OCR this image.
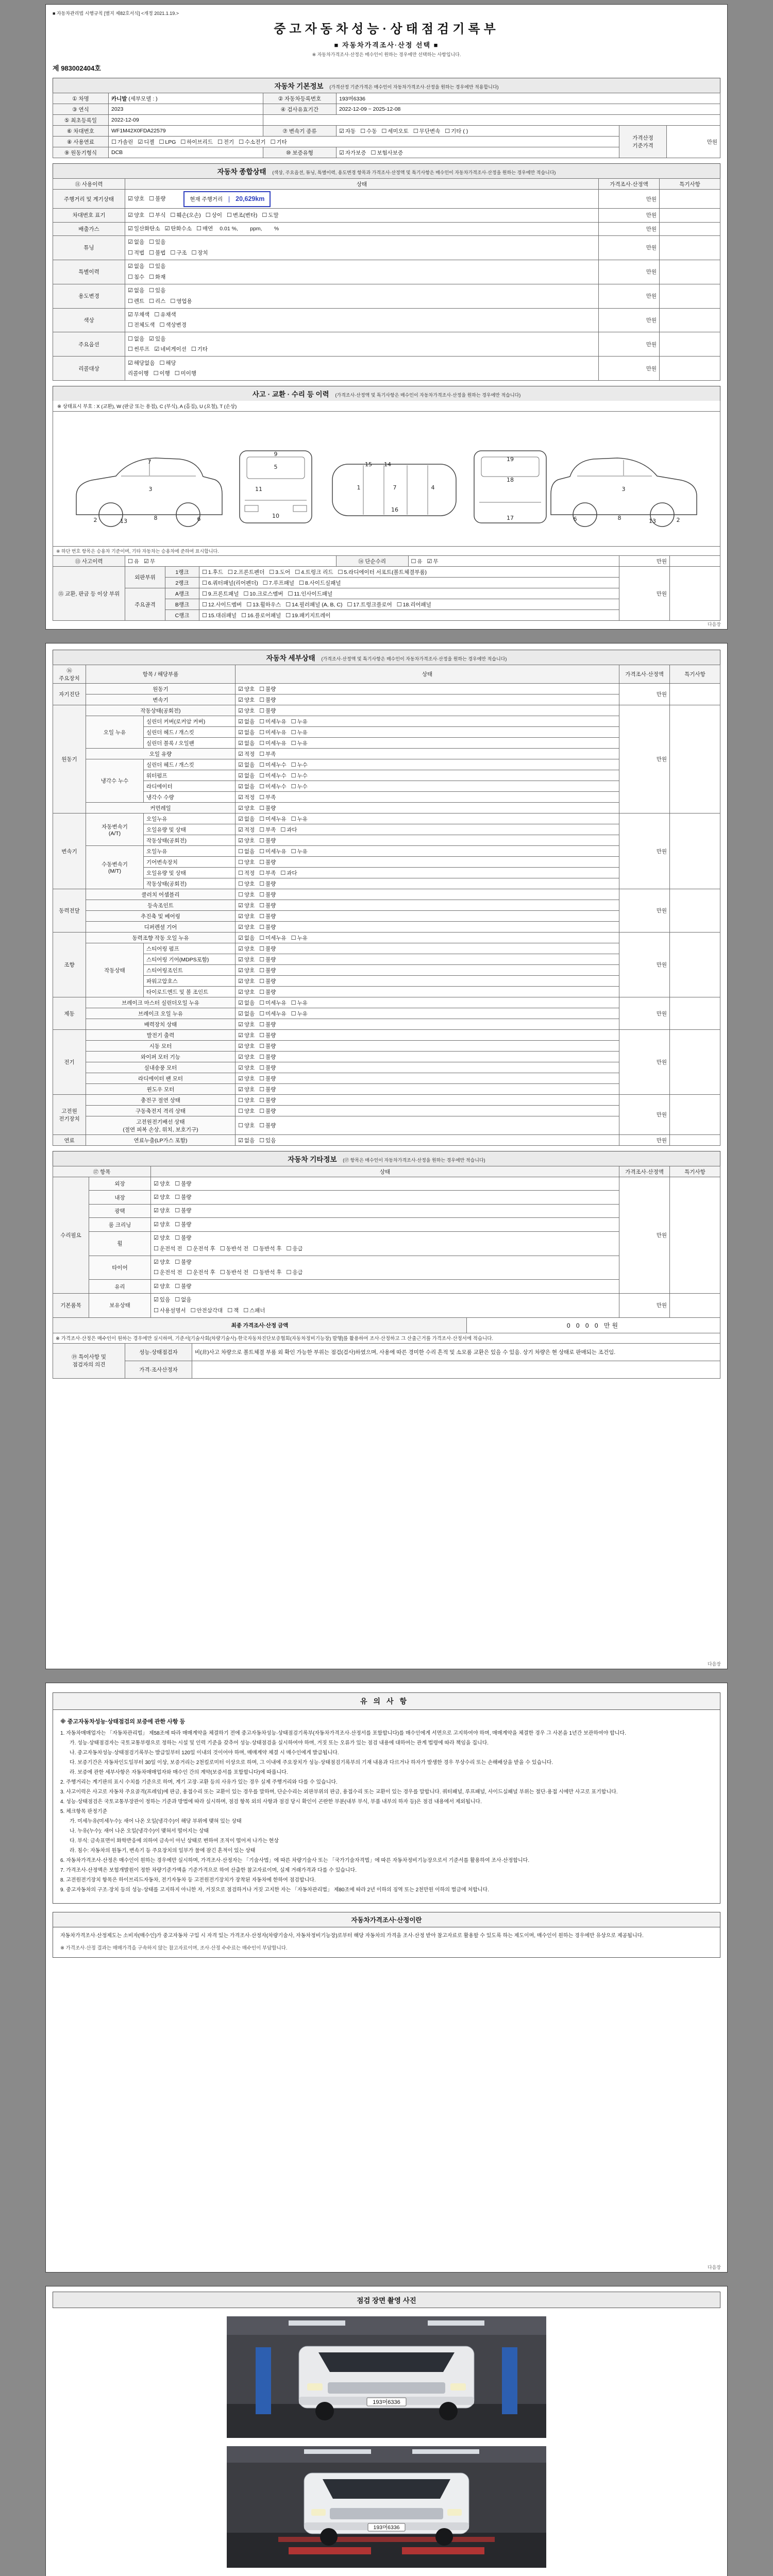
■ 자동차관리법 시행규칙 [별지 제82호서식] <개정 2021.1.19.>
중고자동차성능·상태점검기록부
■ 자동차가격조사·산정 선택 ■
※ 자동차가격조사·산정은 매수인이 원하는 경우에만 선택하는 사항입니다.
제 983002404호
자동차 기본정보 (가격산정 기준가격은 매수인이 자동차가격조사·산정을 원하는 경우에만 적용합니다)
① 차명	카니발 (세부모델 : )	② 자동차등록번호	193머6336		
③ 연식	2023	④ 검사유효기간	2022-12-09 ~ 2025-12-08		
⑤ 최초등록일	2022-12-09				
⑥ 차대번호	WF1M42X0FDA22579	⑦ 변속기 종류	☑ 자동 ☐ 수동 ☐ 세미오토 ☐ 무단변속 ☐ 기타 ( )	가격산정 기준가격	만원
⑧ 사용연료	☐ 가솔린 ☑ 디젤 ☐ LPG ☐ 하이브리드 ☐ 전기 ☐ 수소전기 ☐ 기타				
⑨ 원동기형식	DCB	⑩ 보증유형	☑ 자가보증 ☐ 보험사보증		
자동차 종합상태 (색상, 주요옵션, 튜닝, 특별이력, 용도변경 항목과 가격조사·산정액 및 특기사항은 매수인이 자동차가격조사·산정을 원하는 경우에만 적습니다)
⑪ 사용이력	상태	가격조사·산정액	특기사항
주행거리 및 계기상태	☑ 양호 ☐ 불량 현재 주행거리 20,629km	만원	
차대번호 표기	☑ 양호 ☐ 부식 ☐ 훼손(오손) ☐ 상이 ☐ 변조(변타) ☐ 도말	만원	
배출가스	☑ 일산화탄소 ☑ 탄화수소 ☐ 매연 0.01 %,        ppm,        %	만원	
튜닝	☑ 없음 ☐ 있음
☐ 적법 ☐ 불법 ☐ 구조 ☐ 장치	만원	
특별이력	☑ 없음 ☐ 있음
☐ 침수 ☐ 화재	만원	
용도변경	☑ 없음 ☐ 있음
☐ 렌트 ☐ 리스 ☐ 영업용	만원	
색상	☑ 무채색 ☐ 유채색
☐ 전체도색 ☐ 색상변경	만원	
주요옵션	☐ 없음 ☑ 있음
☐ 썬루프 ☑ 네비게이션 ☐ 기타	만원	
리콜대상	☑ 해당없음 ☐ 해당
리콜이행 ☐ 이행 ☐ 미이행	만원	
사고 · 교환 · 수리 등 이력 (가격조사·산정액 및 특기사항은 매수인이 자동차가격조사·산정을 원하는 경우에만 적습니다)
※ 상태표시 부호 : X (교환), W (판금 또는 용접), C (부식), A (흠집), U (요철), T (손상)
2	13
3
8	6
7
9
5
11
10
15 14
1	7	4
16
19
18
17	6	8
3
13	2
※ 하단 번호 항목은 승용차 기준이며, 기타 자동차는 승용차에 준하여 표시합니다.
⑬ 사고이력	☐ 유 ☑ 무	⑭ 단순수리	☐ 유 ☑ 무	만원	
⑮ 교환, 판금 등 이상 부위	외판부위	1랭크	☐ 1.후드 ☐ 2.프론트펜더 ☐ 3.도어 ☐ 4.트렁크 리드 ☐ 5.라디에이터 서포트(볼트체결부품)	만원	
		2랭크	☐ 6.쿼터패널(리어펜더) ☐ 7.루프패널 ☐ 8.사이드실패널		
	주요골격	A랭크	☐ 9.프론트패널 ☐ 10.크로스멤버 ☐ 11.인사이드패널		
		B랭크	☐ 12.사이드멤버 ☐ 13.휠하우스 ☐ 14.필러패널 (A, B, C) ☐ 17.트렁크플로어 ☐ 18.리어패널		
		C랭크	☐ 15.대쉬패널 ☐ 16.플로어패널 ☐ 19.패키지트레이		
다음장
자동차 세부상태 (가격조사·산정액 및 특기사항은 매수인이 자동차가격조사·산정을 원하는 경우에만 적습니다)
⑯ 주요장치	항목 / 해당부품		상태	가격조사·산정액	특기사항
자기진단	원동기		☑ 양호 ☐ 불량	만원	
	변속기		☑ 양호 ☐ 불량		
원동기	작동상태(공회전)		☑ 양호 ☐ 불량	만원	
	오일 누유	실린더 커버(로커암 커버)	☑ 없음 ☐ 미세누유 ☐ 누유		
		실린더 헤드 / 개스킷	☑ 없음 ☐ 미세누유 ☐ 누유		
		실린더 블록 / 오일팬	☑ 없음 ☐ 미세누유 ☐ 누유		
	오일 유량		☑ 적정 ☐ 부족		
	냉각수 누수	실린더 헤드 / 개스킷	☑ 없음 ☐ 미세누수 ☐ 누수		
		워터펌프	☑ 없음 ☐ 미세누수 ☐ 누수		
		라디에이터	☑ 없음 ☐ 미세누수 ☐ 누수		
		냉각수 수량	☑ 적정 ☐ 부족		
	커먼레일		☑ 양호 ☐ 불량		
변속기	자동변속기
(A/T)	오일누유	☑ 없음 ☐ 미세누유 ☐ 누유	만원	
		오일유량 및 상태	☑ 적정 ☐ 부족 ☐ 과다		
		작동상태(공회전)	☑ 양호 ☐ 불량		
	수동변속기
(M/T)	오일누유	☐ 없음 ☐ 미세누유 ☐ 누유		
		기어변속장치	☐ 양호 ☐ 불량		
		오일유량 및 상태	☐ 적정 ☐ 부족 ☐ 과다		
		작동상태(공회전)	☐ 양호 ☐ 불량		
동력전달	클러치 어셈블리		☐ 양호 ☐ 불량	만원	
	등속조인트		☑ 양호 ☐ 불량		
	추진축 및 베어링		☑ 양호 ☐ 불량		
	디퍼렌셜 기어		☑ 양호 ☐ 불량		
조향	동력조향 작동 오일 누유		☑ 없음 ☐ 미세누유 ☐ 누유	만원	
	작동상태	스티어링 펌프	☑ 양호 ☐ 불량		
		스티어링 기어(MDPS포함)	☑ 양호 ☐ 불량		
		스티어링조인트	☑ 양호 ☐ 불량		
		파워고압호스	☑ 양호 ☐ 불량		
		타이로드엔드 및 볼 조인트	☑ 양호 ☐ 불량		
제동	브레이크 마스터 실린더오일 누유		☑ 없음 ☐ 미세누유 ☐ 누유	만원	
	브레이크 오일 누유		☑ 없음 ☐ 미세누유 ☐ 누유		
	배력장치 상태		☑ 양호 ☐ 불량		
전기	발전기 출력		☑ 양호 ☐ 불량	만원	
	시동 모터		☑ 양호 ☐ 불량		
	와이퍼 모터 기능		☑ 양호 ☐ 불량		
	실내송풍 모터		☑ 양호 ☐ 불량		
	라디에이터 팬 모터		☑ 양호 ☐ 불량		
	윈도우 모터		☑ 양호 ☐ 불량		
고전원
전기장치	충전구 절연 상태		☐ 양호 ☐ 불량	만원	
	구동축전지 격리 상태		☐ 양호 ☐ 불량		
	고전원전기배선 상태
(절연 피복 손상, 위치, 보호기구)		☐ 양호 ☐ 불량		
연료	연료누출(LP가스 포함)		☑ 없음 ☐ 있음	만원	
자동차 기타정보 (⑰ 항목은 매수인이 자동차가격조사·산정을 원하는 경우에만 적습니다)
⑰ 항목		상태	가격조사·산정액	특기사항
수리필요	외장	☑ 양호 ☐ 불량	만원	
	내장	☑ 양호 ☐ 불량		

	광택	☑ 양호 ☐ 불량		

	룸 크리닝	☑ 양호 ☐ 불량		

	휠	☑ 양호 ☐ 불량
☐ 운전석 전 ☐ 운전석 후 ☐ 동반석 전 ☐ 동반석 후 ☐ 응급		

	타이어	☑ 양호 ☐ 불량
☐ 운전석 전 ☐ 운전석 후 ☐ 동반석 전 ☐ 동반석 후 ☐ 응급		

	유리	☑ 양호 ☐ 불량		

기본품목	보유상태	☑ 있음 ☐ 없음
☐ 사용설명서 ☐ 안전삼각대 ☐ 잭 ☐ 스패너	만원	
최종 가격조사·산정 금액	0 0 0 0 만원
※ 가격조사·산정은 매수인이 원하는 경우에만 실시하며, 기준서[기술사회(차량기술사)·한국자동차진단보증협회(자동차정비기능장) 발행]를 활용하여 조사·산정하고 그 산출근거를 가격조사·산정서에 적습니다.
⑲ 특이사항 및
점검자의 의견	성능·상태점검자	비(非)사고 차량으로 볼트체결 부품 외 확인 가능한 부위는 점검(검사)하였으며, 사용에 따른 경미한 수리 흔적 및 소모품 교환은 있을 수 있음. 상기 차량은 현 상태로 판매되는 조건임.
	가격·조사산정자	
다음장
유의사항
※ 중고자동차성능·상태점검의 보증에 관한 사항 등
1. 자동차매매업자는 「자동차관리법」 제58조에 따라 매매계약을 체결하기 전에 중고자동차성능·상태점검기록부(자동차가격조사·산정서를 포함합니다)를 매수인에게 서면으로 고지하여야 하며, 매매계약을 체결한 경우 그 사본을 1년간 보관하여야 합니다.
가. 성능·상태점검자는 국토교통부령으로 정하는 시설 및 인력 기준을 갖추어 성능·상태점검을 실시하여야 하며, 거짓 또는 오류가 있는 점검 내용에 대하여는 관계 법령에 따라 책임을 집니다.
나. 중고자동차성능·상태점검기록부는 발급일부터 120일 이내의 것이어야 하며, 매매계약 체결 시 매수인에게 발급됩니다.
다. 보증기간은 자동차인도일부터 30일 이상, 보증거리는 2천킬로미터 이상으로 하며, 그 이내에 주요장치가 성능·상태점검기록부의 기재 내용과 다르거나 하자가 발생한 경우 무상수리 또는 손해배상을 받을 수 있습니다.
라. 보증에 관한 세부사항은 자동차매매업자와 매수인 간의 계약(보증서를 포함합니다)에 따릅니다.
2. 주행거리는 계기판의 표시 수치를 기준으로 하며, 계기 고장·교환 등의 사유가 있는 경우 실제 주행거리와 다를 수 있습니다.
3. 사고이력은 사고로 자동차 주요골격(프레임)에 판금, 용접수리 또는 교환이 있는 경우를 말하며, 단순수리는 외판부위의 판금, 용접수리 또는 교환이 있는 경우를 말합니다. 쿼터패널, 루프패널, 사이드실패널 부위는 절단·용접 시에만 사고로 표기합니다.
4. 성능·상태점검은 국토교통부장관이 정하는 기준과 방법에 따라 실시하며, 점검 항목 외의 사항과 점검 당시 확인이 곤란한 부분(내부 부식, 부품 내부의 하자 등)은 점검 내용에서 제외됩니다.
5. 체크항목 판정기준
가. 미세누유(미세누수): 새어 나온 오일(냉각수)이 해당 부위에 맺혀 있는 상태
나. 누유(누수): 새어 나온 오일(냉각수)이 맺혀서 떨어지는 상태
다. 부식: 금속표면이 화학반응에 의하여 금속이 아닌 상태로 변하여 조직이 떨어져 나가는 현상
라. 침수: 자동차의 원동기, 변속기 등 주요장치의 일부가 물에 잠긴 흔적이 있는 상태
6. 자동차가격조사·산정은 매수인이 원하는 경우에만 실시하며, 가격조사·산정자는 「기술사법」에 따른 차량기술사 또는 「국가기술자격법」에 따른 자동차정비기능장으로서 기준서를 활용하여 조사·산정합니다.
7. 가격조사·산정액은 보험개발원이 정한 차량기준가액을 기준가격으로 하여 산출한 참고자료이며, 실제 거래가격과 다를 수 있습니다.
8. 고전원전기장치 항목은 하이브리드자동차, 전기자동차 등 고전원전기장치가 장착된 자동차에 한하여 점검합니다.
9. 중고자동차의 구조·장치 등의 성능·상태를 고지하지 아니한 자, 거짓으로 점검하거나 거짓 고지한 자는 「자동차관리법」 제80조에 따라 2년 이하의 징역 또는 2천만원 이하의 벌금에 처합니다.
자동차가격조사·산정이란
자동차가격조사·산정제도는 소비자(매수인)가 중고자동차 구입 시 자격 있는 가격조사·산정자(차량기술사, 자동차정비기능장)로부터 해당 자동차의 가격을 조사·산정 받아 참고자료로 활용할 수 있도록 하는 제도이며, 매수인이 원하는 경우에만 유상으로 제공됩니다.
※ 가격조사·산정 결과는 매매가격을 구속하지 않는 참고자료이며, 조사·산정 수수료는 매수인이 부담합니다.
다음장
점검 장면 촬영 사진
193머6336
193머6336
